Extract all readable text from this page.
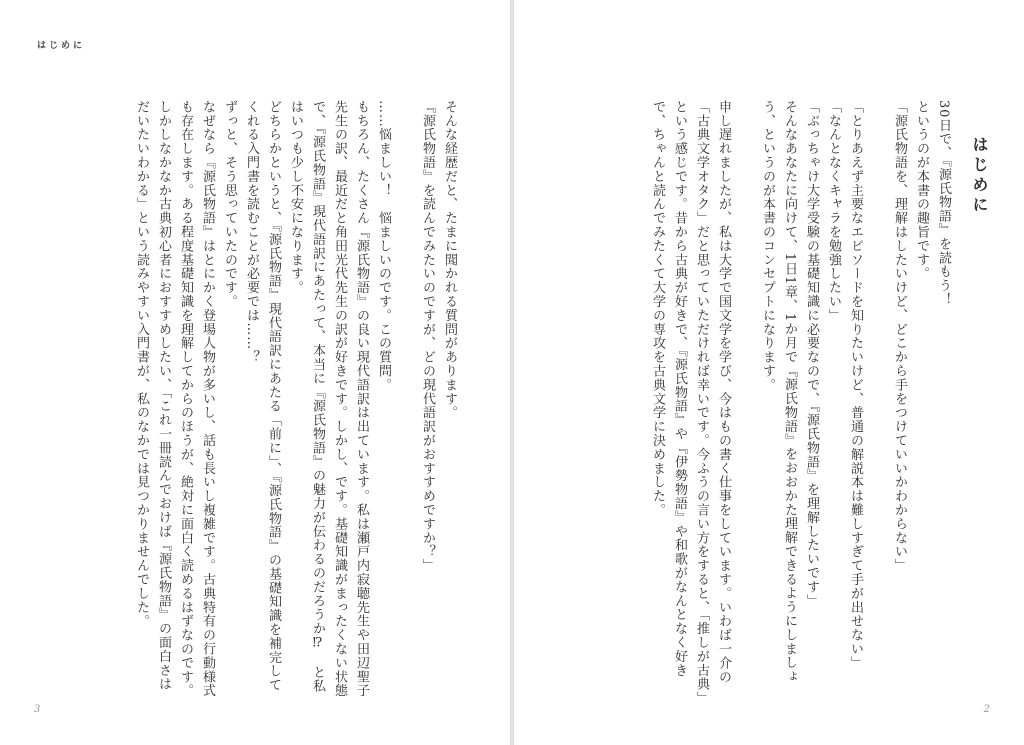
はじめに

そんな経歴だと、たまに聞かれる質問があります。

『源氏物語』を読んでみたいのですが、どの現代語訳がおすすめですか？」

……悩ましい！　悩ましいのです。この質問。

もちろん、たくさん『源氏物語』の良い現代語訳は出ています。私は瀬戸内寂聴先生や田辺聖子先生の訳、最近だと角田光代先生の訳が好きです。しかし、です。基礎知識がまったくない状態で、『源氏物語』現代語訳にあたって、本当に『源氏物語』の魅力が伝わるのだろうか⁉︎　と私はいつも少し不安になります。

どちらかというと、『源氏物語』現代語訳にあたる「前に」、『源氏物語』の基礎知識を補完してくれる入門書を読むことが必要では……？

ずっと、そう思っていたのです。

なぜなら『源氏物語』はとにかく登場人物が多いし、話も長いし複雑です。古典特有の行動様式も存在します。ある程度基礎知識を理解してからのほうが、絶対に面白く読めるはずなのです。

しかしなかなか古典初心者におすすめしたい、「これ一冊読んでおけば『源氏物語』の面白さはだいたいわかる」という読みやすい入門書が、私のなかでは見つかりませんでした。

3

はじめに

30日で、『源氏物語』を読もう！

というのが本書の趣旨です。

「源氏物語を、理解はしたいけど、どこから手をつけていいかわからない」

「とりあえず主要なエピソードを知りたいけど、普通の解説本は難しすぎて手が出せない」

「なんとなくキャラを勉強したい」

「ぶっちゃけ大学受験の基礎知識に必要なので、『源氏物語』を理解したいです」

そんなあなたに向けて、1日1章、1か月で『源氏物語』をおおかた理解できるようにしましょう、というのが本書のコンセプトになります。

申し遅れましたが、私は大学で国文学を学び、今はもの書く仕事をしています。いわば一介の「古典文学オタク」だと思っていただければ幸いです。今ふうの言い方をすると、「推しが古典」という感じです。昔から古典が好きで、『源氏物語』や『伊勢物語』や和歌がなんとなく好きで、ちゃんと読んでみたくて大学の専攻を古典文学に決めました。

2
